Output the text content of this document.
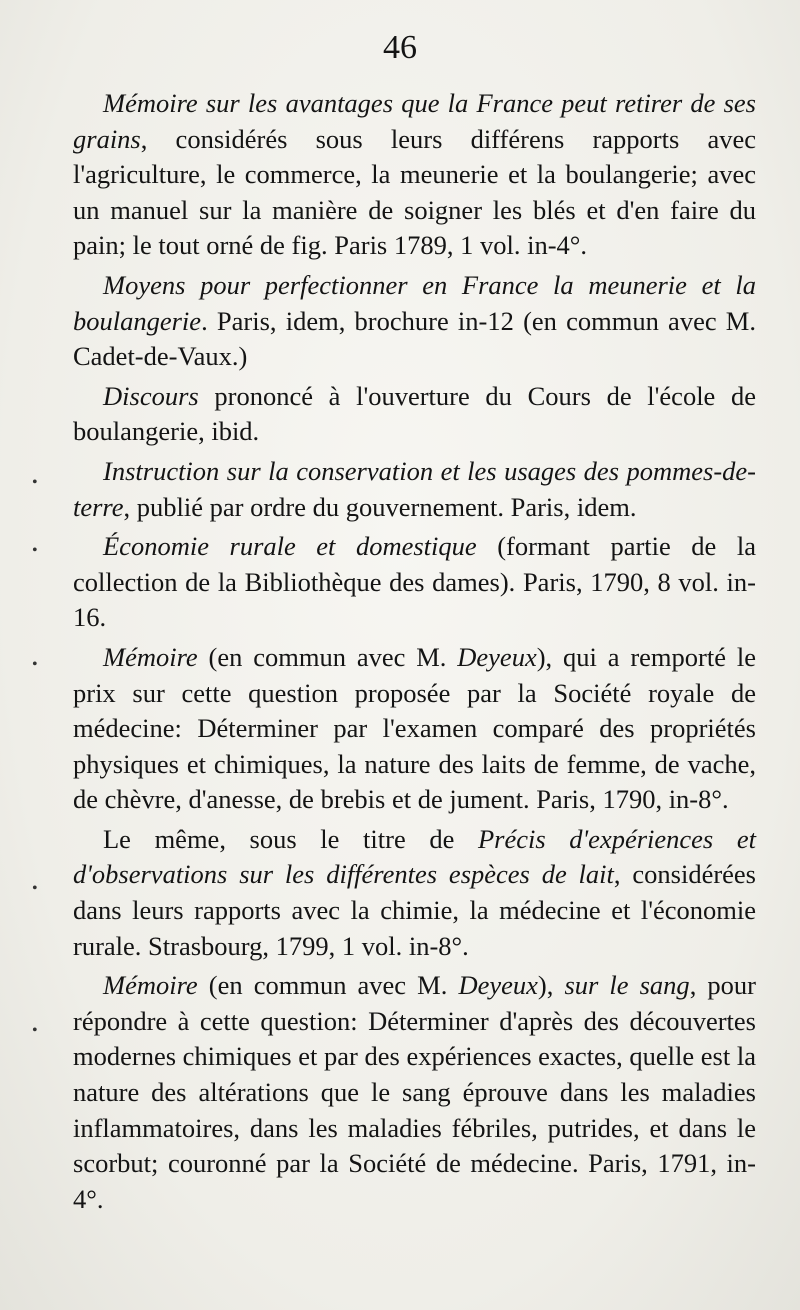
46
•
•
•
•
•

Mémoire sur les avantages que la France peut retirer de ses grains, considérés sous leurs différens rapports avec l'agriculture, le commerce, la meunerie et la boulangerie; avec un manuel sur la manière de soigner les blés et d'en faire du pain; le tout orné de fig. Paris 1789, 1 vol. in-4°.

Moyens pour perfectionner en France la meunerie et la boulangerie. Paris, idem, brochure in-12 (en commun avec M. Cadet-de-Vaux.)

Discours prononcé à l'ouverture du Cours de l'école de boulangerie, ibid.

Instruction sur la conservation et les usages des pommes-de-terre, publié par ordre du gouvernement. Paris, idem.

Économie rurale et domestique (formant partie de la collection de la Bibliothèque des dames). Paris, 1790, 8 vol. in-16.

Mémoire (en commun avec M. Deyeux), qui a remporté le prix sur cette question proposée par la Société royale de médecine: Déterminer par l'examen comparé des propriétés physiques et chimiques, la nature des laits de femme, de vache, de chèvre, d'anesse, de brebis et de jument. Paris, 1790, in-8°.

Le même, sous le titre de Précis d'expériences et d'observations sur les différentes espèces de lait, considérées dans leurs rapports avec la chimie, la médecine et l'économie rurale. Strasbourg, 1799, 1 vol. in-8°.

Mémoire (en commun avec M. Deyeux), sur le sang, pour répondre à cette question: Déterminer d'après des découvertes modernes chimiques et par des expériences exactes, quelle est la nature des altérations que le sang éprouve dans les maladies inflammatoires, dans les maladies fébriles, putrides, et dans le scorbut; couronné par la Société de médecine. Paris, 1791, in-4°.
